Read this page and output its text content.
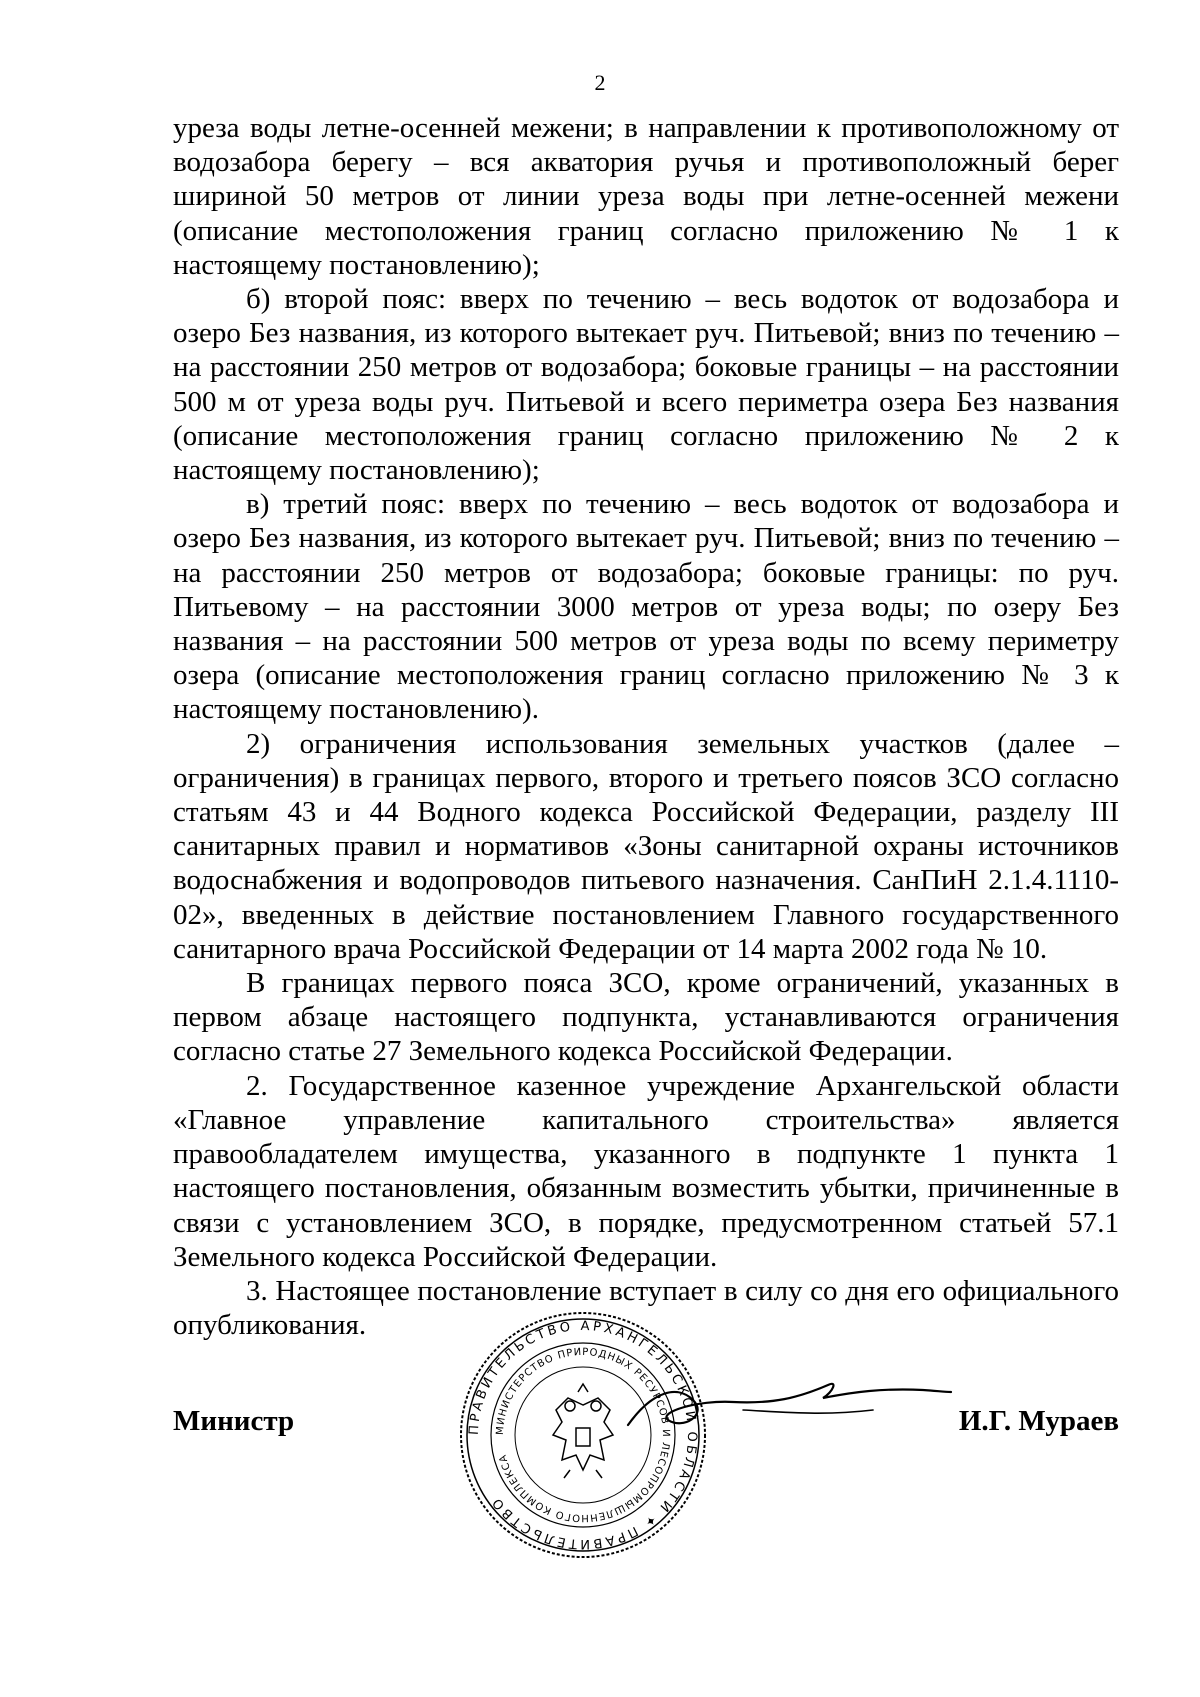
2

уреза воды летне-осенней межени; в направлении к противоположному от водозабора берегу – вся акватория ручья и противоположный берег шириной 50 метров от линии уреза воды при летне-осенней межени (описание местоположения границ согласно приложению № 1 к настоящему постановлению);

б) второй пояс: вверх по течению – весь водоток от водозабора и озеро Без названия, из которого вытекает руч. Питьевой; вниз по течению – на расстоянии 250 метров от водозабора; боковые границы – на расстоянии 500 м от уреза воды руч. Питьевой и всего периметра озера Без названия (описание местоположения границ согласно приложению № 2 к настоящему постановлению);

в) третий пояс: вверх по течению – весь водоток от водозабора и озеро Без названия, из которого вытекает руч. Питьевой; вниз по течению – на расстоянии 250 метров от водозабора; боковые границы: по руч. Питьевому – на расстоянии 3000 метров от уреза воды; по озеру Без названия – на расстоянии 500 метров от уреза воды по всему периметру озера (описание местоположения границ согласно приложению № 3 к настоящему постановлению).

2) ограничения использования земельных участков (далее – ограничения) в границах первого, второго и третьего поясов ЗСО согласно статьям 43 и 44 Водного кодекса Российской Федерации, разделу III санитарных правил и нормативов «Зоны санитарной охраны источников водоснабжения и водопроводов питьевого назначения. СанПиН 2.1.4.1110-02», введенных в действие постановлением Главного государственного санитарного врача Российской Федерации от 14 марта 2002 года № 10.

В границах первого пояса ЗСО, кроме ограничений, указанных в первом абзаце настоящего подпункта, устанавливаются ограничения согласно статье 27 Земельного кодекса Российской Федерации.

2. Государственное казенное учреждение Архангельской области «Главное управление капитального строительства» является правообладателем имущества, указанного в подпункте 1 пункта 1 настоящего постановления, обязанным возместить убытки, причиненные в связи с установлением ЗСО, в порядке, предусмотренном статьей 57.1 Земельного кодекса Российской Федерации.

3. Настоящее постановление вступает в силу со дня его официального опубликования.

Министр	ПРАВИТЕЛЬСТВО АРХАНГЕЛЬСКОЙ ОБЛАСТИ ✦ ПРАВИТЕЛЬСТВО
МИНИСТЕРСТВО ПРИРОДНЫХ РЕСУРСОВ И ЛЕСОПРОМЫШЛЕННОГО КОМПЛЕКСА
И.Г. Мураев
